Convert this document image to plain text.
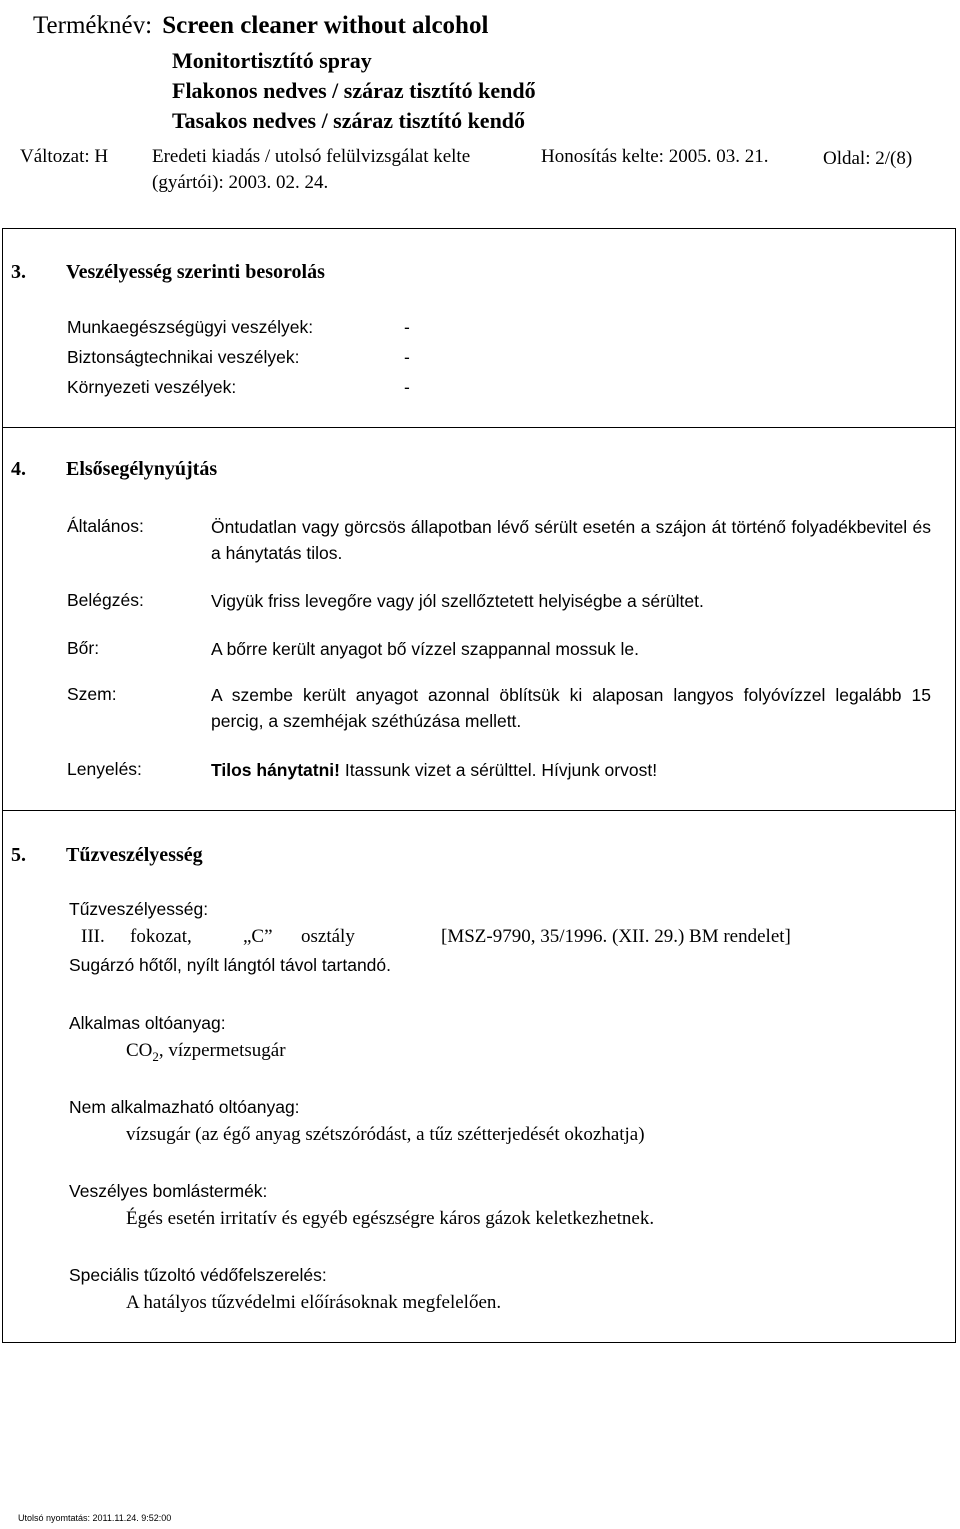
Terméknév: Screen cleaner without alcohol
Monitortisztító spray
Flakonos nedves / száraz tisztító kendő
Tasakos nedves / száraz tisztító kendő
Változat: H Eredeti kiadás / utolsó felülvizsgálat kelte
(gyártói): 2003. 02. 24.
Honosítás kelte: 2005. 03. 21.	Oldal: 2/(8)
3. Veszélyesség szerinti besorolás
Munkaegészségügyi veszélyek:	-
Biztonságtechnikai veszélyek:	-
Környezeti veszélyek:	-
4. Elsősegélynyújtás
Általános:	Öntudatlan vagy görcsös állapotban lévő sérült esetén a szájon át történő folyadékbevitel és a hánytatás tilos.
Belégzés:	Vigyük friss levegőre vagy jól szellőztetett helyiségbe a sérültet.
Bőr:	A bőrre került anyagot bő vízzel szappannal mossuk le.
Szem:	A szembe került anyagot azonnal öblítsük ki alaposan langyos folyóvízzel legalább 15 percig, a szemhéjak széthúzása mellett.
Lenyelés:	Tilos hánytatni! Itassunk vizet a sérülttel. Hívjunk orvost!
5. Tűzveszélyesség
Tűzveszélyesség:
III. fokozat,	„C” osztály	[MSZ-9790, 35/1996. (XII. 29.) BM rendelet]
Sugárzó hőtől, nyílt lángtól távol tartandó.
Alkalmas oltóanyag:
$CO_2$, vízpermetsugár
Nem alkalmazható oltóanyag:
vízsugár (az égő anyag szétszóródást, a tűz szétterjedését okozhatja)
Veszélyes bomlástermék:
Égés esetén irritatív és egyéb egészségre káros gázok keletkezhetnek.
Speciális tűzoltó védőfelszerelés:
A hatályos tűzvédelmi előírásoknak megfelelően.
Utolsó nyomtatás: 2011.11.24. 9:52:00
